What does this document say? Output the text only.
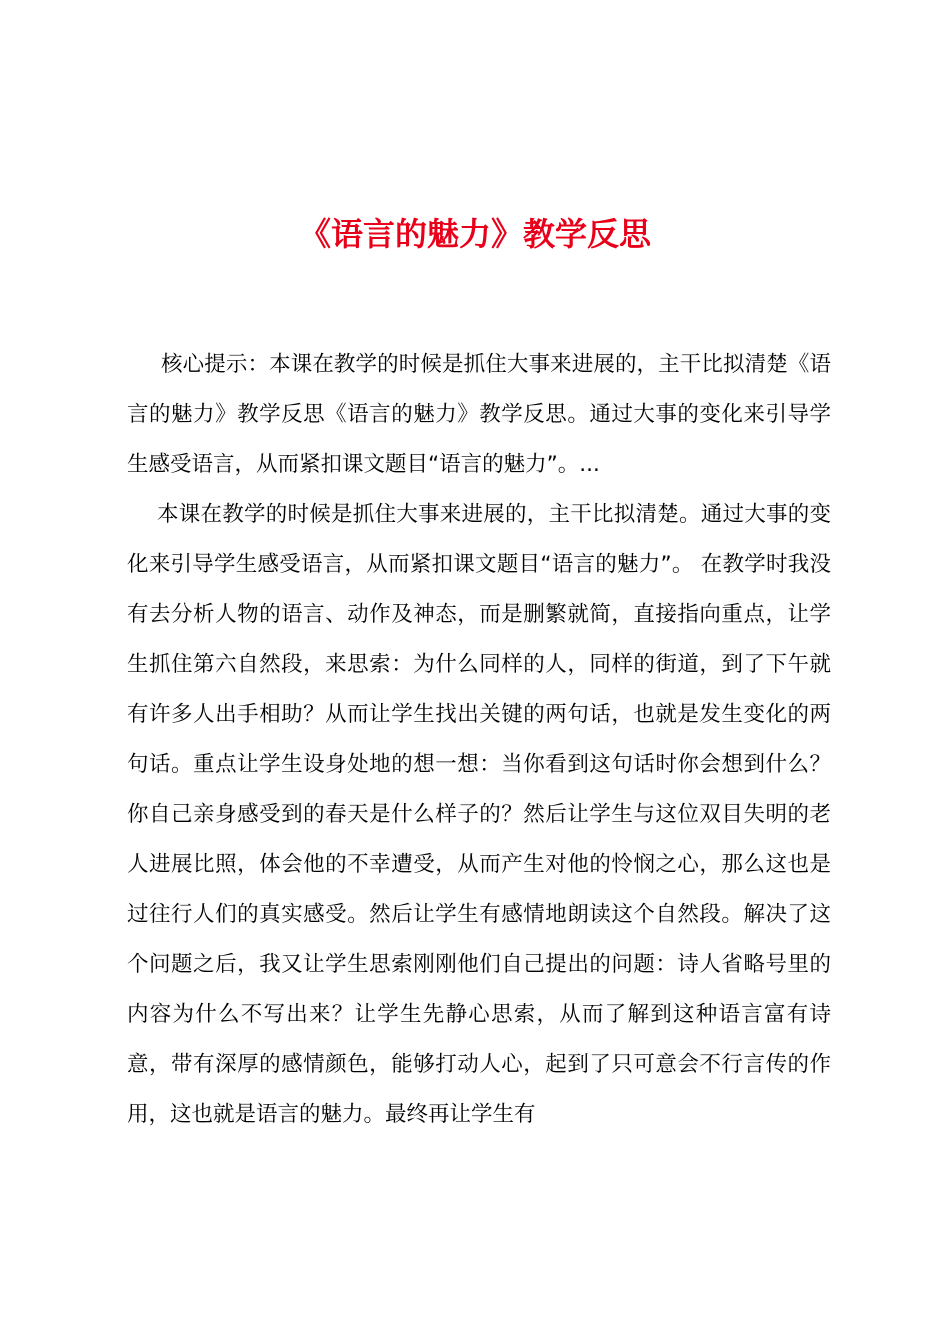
《语言的魅力》教学反思

核心提示：本课在教学的时候是抓住大事来进展的，主干比拟清楚《语言的魅力》教学反思《语言的魅力》教学反思。通过大事的变化来引导学生感受语言，从而紧扣课文题目“语言的魅力”。...

本课在教学的时候是抓住大事来进展的，主干比拟清楚。通过大事的变化来引导学生感受语言，从而紧扣课文题目“语言的魅力”。 在教学时我没有去分析人物的语言、动作及神态，而是删繁就简，直接指向重点，让学生抓住第六自然段，来思索：为什么同样的人，同样的街道，到了下午就有许多人出手相助？从而让学生找出关键的两句话，也就是发生变化的两句话。重点让学生设身处地的想一想：当你看到这句话时你会想到什么？你自己亲身感受到的春天是什么样子的？然后让学生与这位双目失明的老人进展比照，体会他的不幸遭受，从而产生对他的怜悯之心，那么这也是过往行人们的真实感受。然后让学生有感情地朗读这个自然段。解决了这个问题之后，我又让学生思索刚刚他们自己提出的问题：诗人省略号里的内容为什么不写出来？让学生先静心思索，从而了解到这种语言富有诗意，带有深厚的感情颜色，能够打动人心，起到了只可意会不行言传的作用，这也就是语言的魅力。最终再让学生有
